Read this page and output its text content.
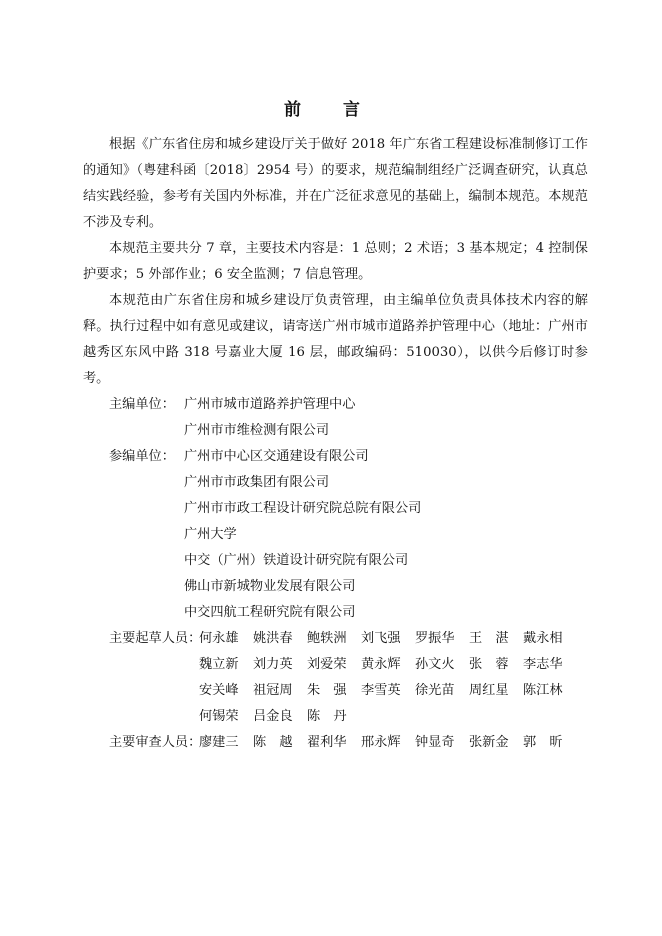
前 言

根据《广东省住房和城乡建设厅关于做好 2018 年广东省工程建设标准制修订工作的通知》（粤建科函〔2018〕2954 号）的要求，规范编制组经广泛调查研究，认真总结实践经验，参考有关国内外标准，并在广泛征求意见的基础上，编制本规范。本规范不涉及专利。

本规范主要共分 7 章，主要技术内容是：1 总则；2 术语；3 基本规定；4 控制保护要求；5 外部作业；6 安全监测；7 信息管理。

本规范由广东省住房和城乡建设厅负责管理，由主编单位负责具体技术内容的解释。执行过程中如有意见或建议，请寄送广州市城市道路养护管理中心（地址：广州市越秀区东风中路 318 号嘉业大厦 16 层，邮政编码：510030），以供今后修订时参考。

主编单位： 广州市城市道路养护管理中心
广州市市维检测有限公司
参编单位： 广州市中心区交通建设有限公司
广州市市政集团有限公司
广州市市政工程设计研究院总院有限公司
广州大学
中交（广州）铁道设计研究院有限公司
佛山市新城物业发展有限公司
中交四航工程研究院有限公司
主要起草人员：
何永雄	姚洪春	鲍轶洲	刘飞强	罗振华	王　湛	戴永相
魏立新	刘力英	刘爱荣	黄永辉	孙文火	张　蓉	李志华
安关峰	祖冠周	朱　强	李雪英	徐光苗	周红星	陈江林
何锡荣	吕金良	陈　丹
主要审查人员：
廖建三	陈　越	翟利华	邢永辉	钟显奇	张新金	郭　昕
